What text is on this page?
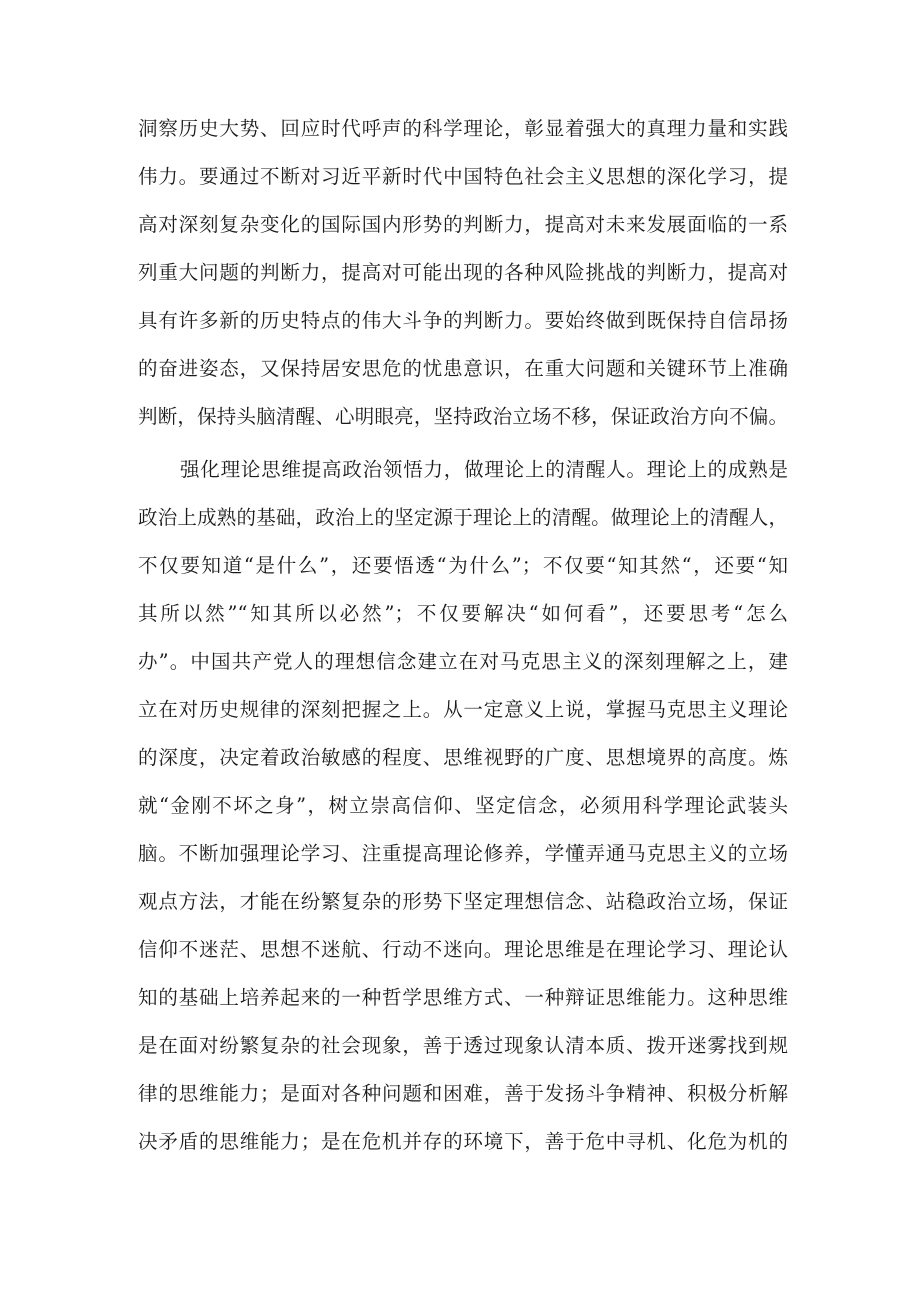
洞察历史大势、回应时代呼声的科学理论，彰显着强大的真理力量和实践
伟力。要通过不断对习近平新时代中国特色社会主义思想的深化学习，提
高对深刻复杂变化的国际国内形势的判断力，提高对未来发展面临的一系
列重大问题的判断力，提高对可能出现的各种风险挑战的判断力，提高对
具有许多新的历史特点的伟大斗争的判断力。要始终做到既保持自信昂扬
的奋进姿态，又保持居安思危的忧患意识，在重大问题和关键环节上准确
判断，保持头脑清醒、心明眼亮，坚持政治立场不移，保证政治方向不偏。
强化理论思维提高政治领悟力，做理论上的清醒人。理论上的成熟是
政治上成熟的基础，政治上的坚定源于理论上的清醒。做理论上的清醒人，
不仅要知道“是什么”，还要悟透“为什么”；不仅要“知其然“，还要“知
其所以然”“知其所以必然”；不仅要解决“如何看”，还要思考“怎么
办”。中国共产党人的理想信念建立在对马克思主义的深刻理解之上，建
立在对历史规律的深刻把握之上。从一定意义上说，掌握马克思主义理论
的深度，决定着政治敏感的程度、思维视野的广度、思想境界的高度。炼
就“金刚不坏之身”，树立崇高信仰、坚定信念，必须用科学理论武装头
脑。不断加强理论学习、注重提高理论修养，学懂弄通马克思主义的立场
观点方法，才能在纷繁复杂的形势下坚定理想信念、站稳政治立场，保证
信仰不迷茫、思想不迷航、行动不迷向。理论思维是在理论学习、理论认
知的基础上培养起来的一种哲学思维方式、一种辩证思维能力。这种思维
是在面对纷繁复杂的社会现象，善于透过现象认清本质、拨开迷雾找到规
律的思维能力；是面对各种问题和困难，善于发扬斗争精神、积极分析解
决矛盾的思维能力；是在危机并存的环境下，善于危中寻机、化危为机的
